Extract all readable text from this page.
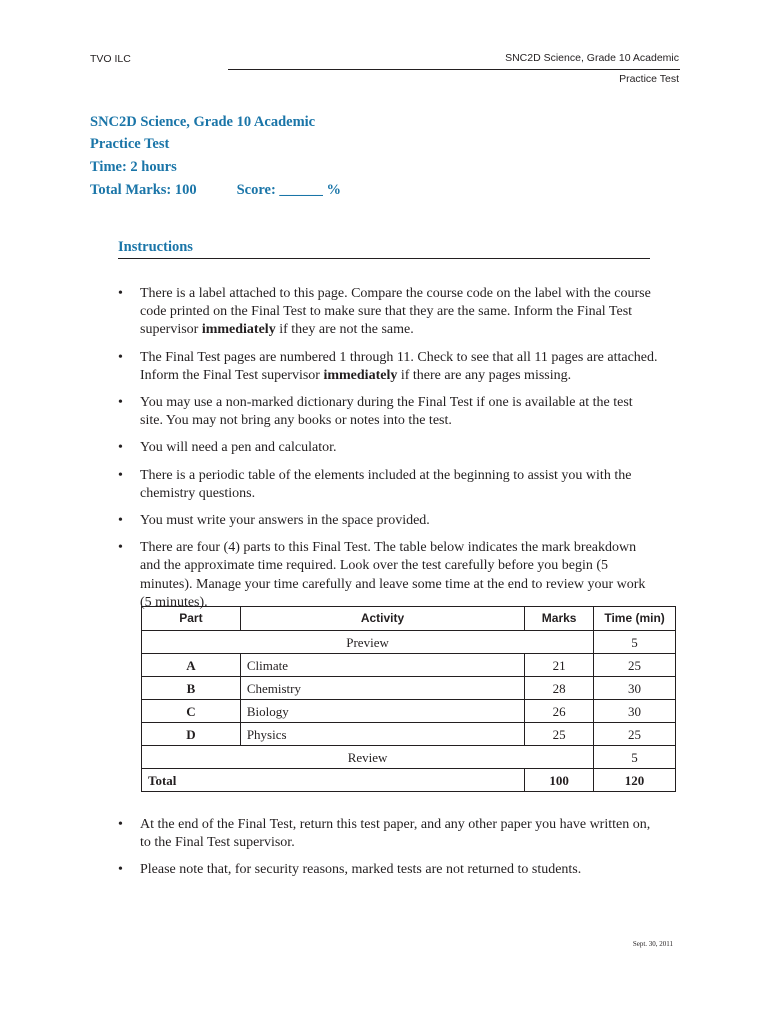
TVO ILC	SNC2D Science, Grade 10 Academic
Practice Test
SNC2D Science, Grade 10 Academic
Practice Test
Time: 2 hours
Total Marks: 100	Score: ______ %
Instructions
• There is a label attached to this page. Compare the course code on the label with the course code printed on the Final Test to make sure that they are the same. Inform the Final Test supervisor immediately if they are not the same.
• The Final Test pages are numbered 1 through 11. Check to see that all 11 pages are attached. Inform the Final Test supervisor immediately if there are any pages missing.
• You may use a non-marked dictionary during the Final Test if one is available at the test site. You may not bring any books or notes into the test.
• You will need a pen and calculator.
• There is a periodic table of the elements included at the beginning to assist you with the chemistry questions.
• You must write your answers in the space provided.
• There are four (4) parts to this Final Test. The table below indicates the mark breakdown and the approximate time required. Look over the test carefully before you begin (5 minutes). Manage your time carefully and leave some time at the end to review your work (5 minutes).
Part	Activity	Marks	Time (min)
Preview			5
A	Climate	21	25
B	Chemistry	28	30
C	Biology	26	30
D	Physics	25	25
Review			5
Total		100	120
• At the end of the Final Test, return this test paper, and any other paper you have written on, to the Final Test supervisor.
• Please note that, for security reasons, marked tests are not returned to students.
Sept. 30, 2011
